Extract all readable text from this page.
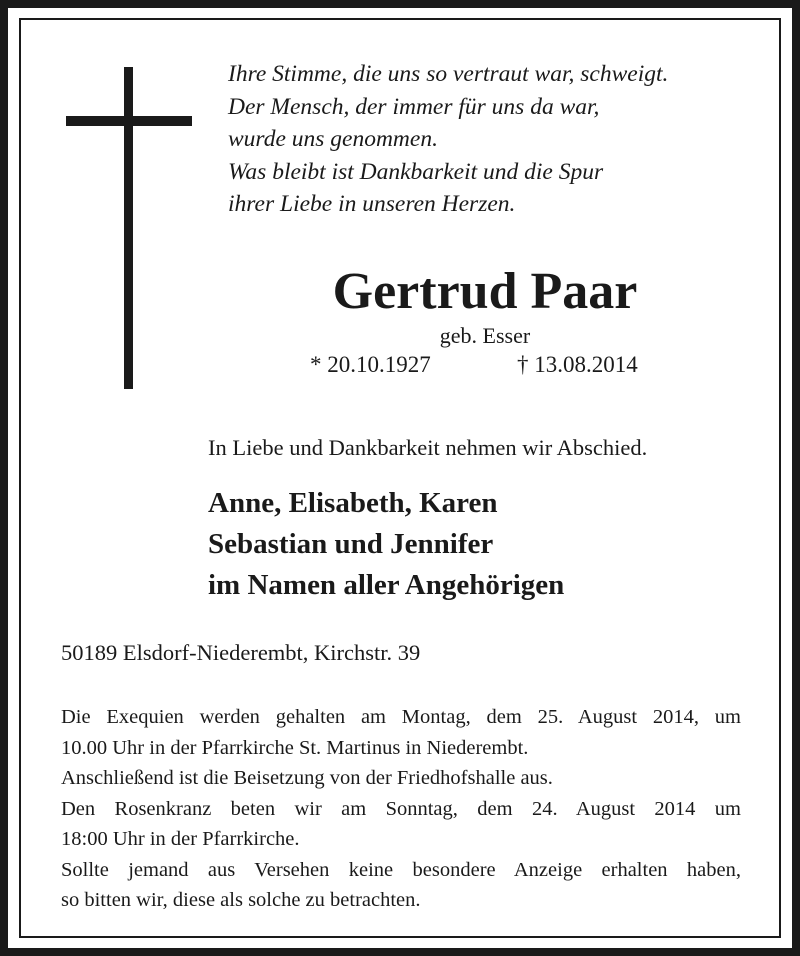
Ihre Stimme, die uns so vertraut war, schweigt.
Der Mensch, der immer für uns da war,
wurde uns genommen.
Was bleibt ist Dankbarkeit und die Spur
ihrer Liebe in unseren Herzen.
Gertrud Paar
geb. Esser
* 20.10.1927	† 13.08.2014
In Liebe und Dankbarkeit nehmen wir Abschied.
Anne, Elisabeth, Karen
Sebastian und Jennifer
im Namen aller Angehörigen
50189 Elsdorf-Niederembt, Kirchstr. 39
Die Exequien werden gehalten am Montag, dem 25. August 2014, um
10.00 Uhr in der Pfarrkirche St. Martinus in Niederembt.
Anschließend ist die Beisetzung von der Friedhofshalle aus.
Den Rosenkranz beten wir am Sonntag, dem 24. August 2014 um
18:00 Uhr in der Pfarrkirche.
Sollte jemand aus Versehen keine besondere Anzeige erhalten haben,
so bitten wir, diese als solche zu betrachten.
